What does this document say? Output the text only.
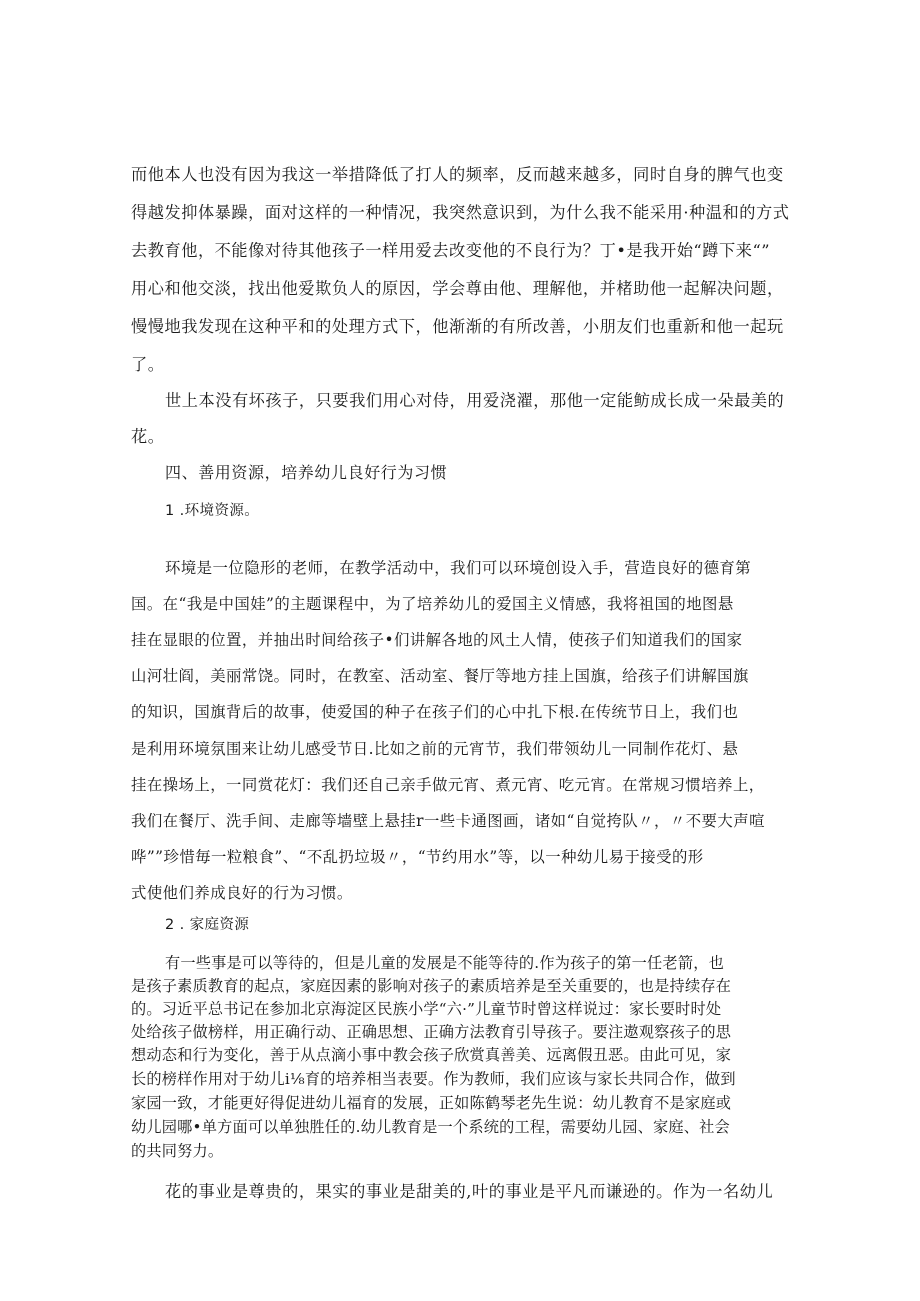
而他本人也没有因为我这一举措降低了打人的频率，反而越来越多，同时自身的脾气也变

得越发抑体暴躁，面对这样的一种情况，我突然意识到，为什么我不能采用·种温和的方式

去教育他，不能像对待其他孩子一样用爱去改变他的不良行为？丁•是我开始“蹲下来“”

用心和他交淡，找出他爱欺负人的原因，学会尊由他、理解他，并楮助他一起解决问题，

慢慢地我发现在这种平和的处理方式下，他渐渐的有所改善，小朋友们也重新和他一起玩

了。

世上本没有坏孩子，只要我们用心对侍，用爱浇濯，那他一定能鲂成长成一朵最美的

花。

四、善用资源，培养幼儿良好行为习惯

1 .环境资源。

环境是一位隐形的老师，在教学活动中，我们可以环境创设入手，营造良好的德育第

国。在“我是中国娃”的主题课程中，为了培养幼儿的爱国主义情感，我将祖国的地图悬

挂在显眼的位置，并抽出时间给孩子•们讲解各地的风土人情，使孩子们知道我们的国家

山河壮阎，美丽常饶。同时，在教室、活动室、餐厅等地方挂上国旗，给孩子们讲解国旗

的知识，国旗背后的故事，使爱国的种子在孩子们的心中扎下根.在传统节日上，我们也

是利用环境氛围来让幼儿感受节日.比如之前的元宵节，我们带领幼儿一同制作花灯、悬

挂在操场上，一同赏花灯：我们还自己亲手做元宵、煮元宵、吃元宵。在常规习惯培养上，

我们在餐厅、洗手间、走廊等墙壁上悬挂r一些卡通图画，诸如“自觉挎队〃，〃不要大声喧

哗””珍惜毎一粒粮食”、“不乱扔垃圾〃，“节约用水”等，以一种幼儿易于接受的形

式使他们养成良好的行为习惯。

2 . 家庭资源

有一些事是可以等待的，但是儿童的发展是不能等待的.作为孩子的第一任老箭，也

是孩子素质教育的起点，家庭因素的影响对孩子的素质培养是至关重要的，也是持续存在

的。习近平总书记在参加北京海淀区民族小学“六·”儿童节时曾这样说过：家长要时时处

处给孩子做榜样，用正确行动、正确思想、正确方法教育引导孩子。要注遨观察孩子的思

想动态和行为变化，善于从点滴小事中教会孩子欣赏真善美、远离假丑恶。由此可见，家

长的榜样作用对于幼儿i⅛育的培养相当表要。作为教师，我们应该与家长共同合作，做到

家园一致，才能更好得促进幼儿福育的发展，正如陈鹤琴老先生说：幼儿教育不是家庭或

幼儿园哪•单方面可以单独胜任的.幼儿教育是一个系统的工程，需要幼儿园、家庭、社会

的共同努力。

花的事业是尊贵的，果实的事业是甜美的,叶的事业是平凡而谦逊的。作为一名幼儿
